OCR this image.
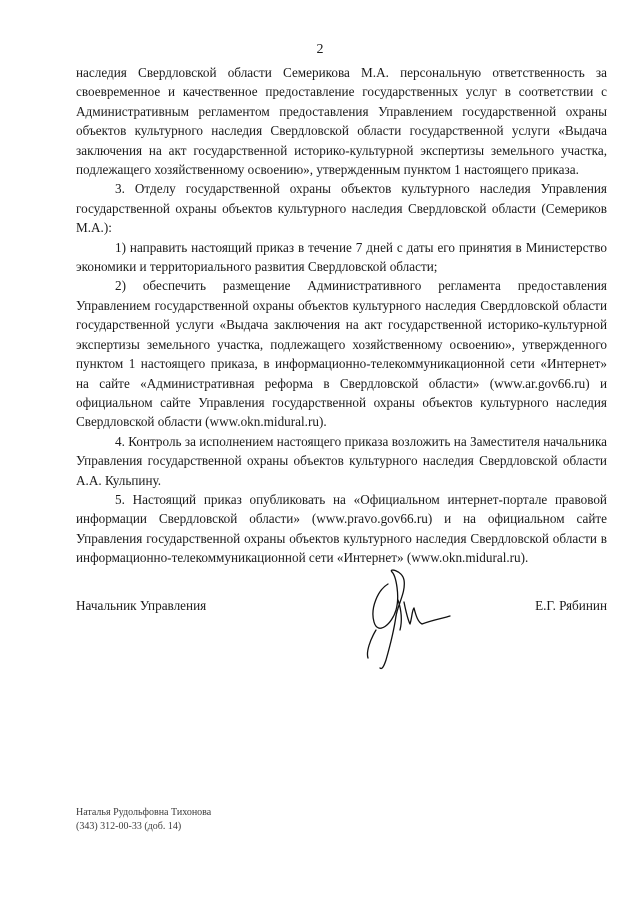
2

наследия Свердловской области Семерикова М.А. персональную ответственность за своевременное и качественное предоставление государственных услуг в соответствии с Административным регламентом предоставления Управлением государственной охраны объектов культурного наследия Свердловской области государственной услуги «Выдача заключения на акт государственной историко-культурной экспертизы земельного участка, подлежащего хозяйственному освоению», утвержденным пунктом 1 настоящего приказа.

3. Отделу государственной охраны объектов культурного наследия Управления государственной охраны объектов культурного наследия Свердловской области (Семериков М.А.):

1) направить настоящий приказ в течение 7 дней с даты его принятия в Министерство экономики и территориального развития Свердловской области;

2) обеспечить размещение Административного регламента предоставления Управлением государственной охраны объектов культурного наследия Свердловской области государственной услуги «Выдача заключения на акт государственной историко-культурной экспертизы земельного участка, подлежащего хозяйственному освоению», утвержденного пунктом 1 настоящего приказа, в информационно-телекоммуникационной сети «Интернет» на сайте «Административная реформа в Свердловской области» (www.ar.gov66.ru) и официальном сайте Управления государственной охраны объектов культурного наследия Свердловской области (www.okn.midural.ru).

4. Контроль за исполнением настоящего приказа возложить на Заместителя начальника Управления государственной охраны объектов культурного наследия Свердловской области А.А. Кульпину.

5. Настоящий приказ опубликовать на «Официальном интернет-портале правовой информации Свердловской области» (www.pravo.gov66.ru) и на официальном сайте Управления государственной охраны объектов культурного наследия Свердловской области в информационно-телекоммуникационной сети «Интернет» (www.okn.midural.ru).

Начальник Управления	Е.Г. Рябинин
Наталья Рудольфовна Тихонова
(343) 312-00-33 (доб. 14)
